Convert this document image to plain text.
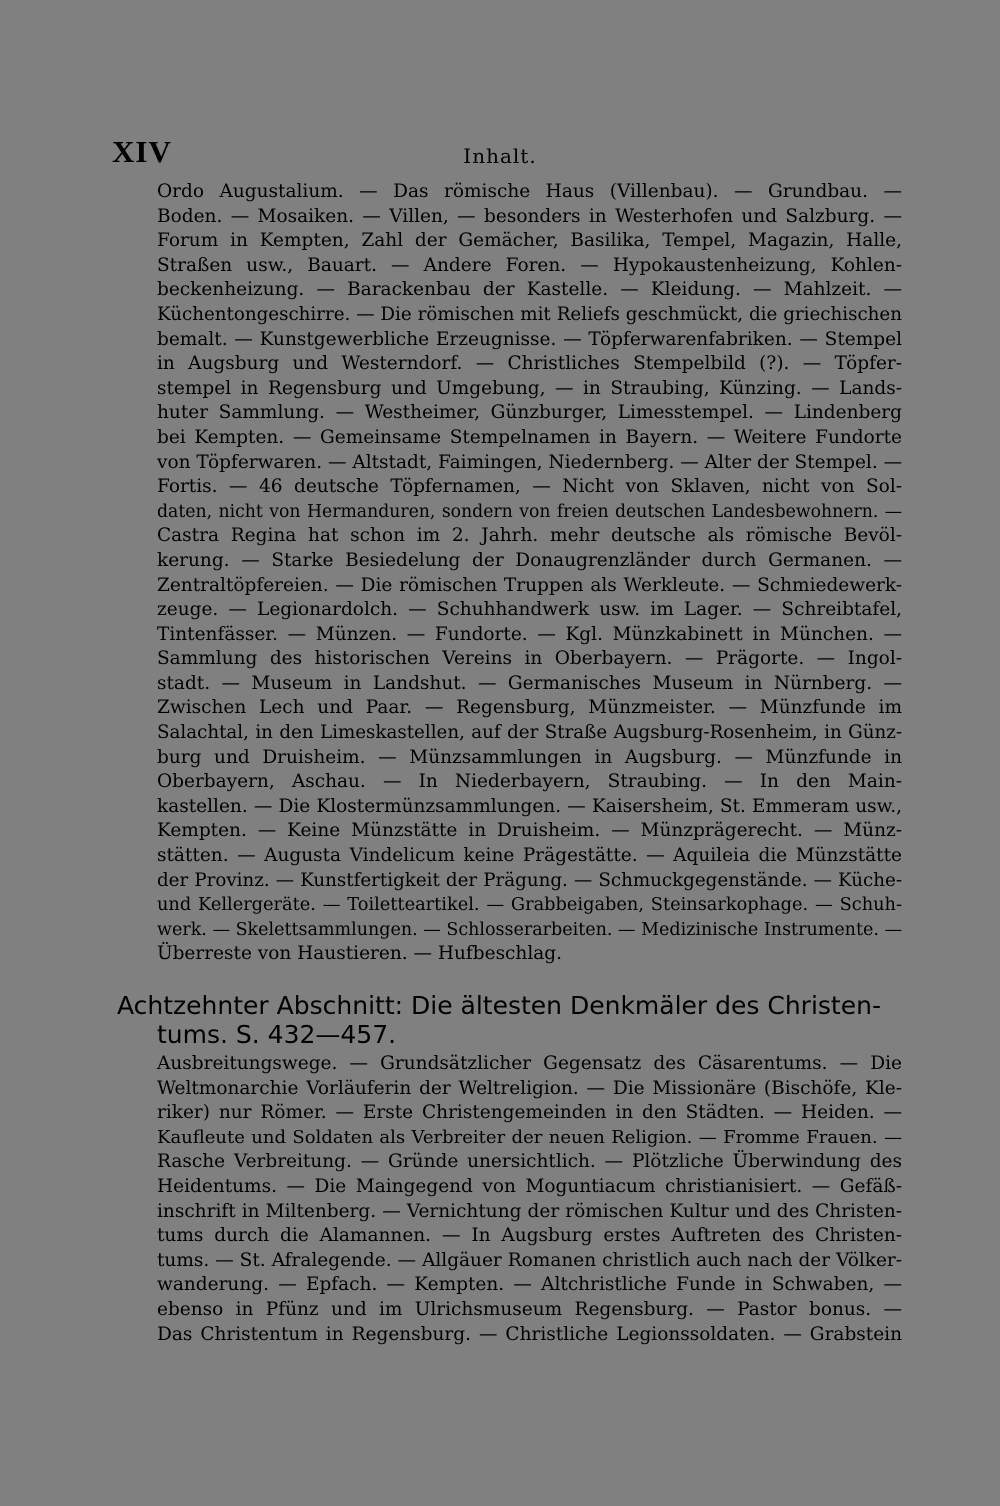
XIV	Inhalt.
Ordo Augustalium. — Das römische Haus (Villenbau). — Grundbau. —
Boden. — Mosaiken. — Villen, — besonders in Westerhofen und Salzburg. —
Forum in Kempten, Zahl der Gemächer, Basilika, Tempel, Magazin, Halle,
Straßen usw., Bauart. — Andere Foren. — Hypokaustenheizung, Kohlen-
beckenheizung. — Barackenbau der Kastelle. — Kleidung. — Mahlzeit. —
Küchentongeschirre. — Die römischen mit Reliefs geschmückt, die griechischen
bemalt. — Kunstgewerbliche Erzeugnisse. — Töpferwarenfabriken. — Stempel
in Augsburg und Westerndorf. — Christliches Stempelbild (?). — Töpfer-
stempel in Regensburg und Umgebung, — in Straubing, Künzing. — Lands-
huter Sammlung. — Westheimer, Günzburger, Limesstempel. — Lindenberg
bei Kempten. — Gemeinsame Stempelnamen in Bayern. — Weitere Fundorte
von Töpferwaren. — Altstadt, Faimingen, Niedernberg. — Alter der Stempel. —
Fortis. — 46 deutsche Töpfernamen, — Nicht von Sklaven, nicht von Sol-
daten, nicht von Hermanduren, sondern von freien deutschen Landesbewohnern. —
Castra Regina hat schon im 2. Jahrh. mehr deutsche als römische Bevöl-
kerung. — Starke Besiedelung der Donaugrenzländer durch Germanen. —
Zentraltöpfereien. — Die römischen Truppen als Werkleute. — Schmiedewerk-
zeuge. — Legionardolch. — Schuhhandwerk usw. im Lager. — Schreibtafel,
Tintenfässer. — Münzen. — Fundorte. — Kgl. Münzkabinett in München. —
Sammlung des historischen Vereins in Oberbayern. — Prägorte. — Ingol-
stadt. — Museum in Landshut. — Germanisches Museum in Nürnberg. —
Zwischen Lech und Paar. — Regensburg, Münzmeister. — Münzfunde im
Salachtal, in den Limeskastellen, auf der Straße Augsburg-Rosenheim, in Günz-
burg und Druisheim. — Münzsammlungen in Augsburg. — Münzfunde in
Oberbayern, Aschau. — In Niederbayern, Straubing. — In den Main-
kastellen. — Die Klostermünzsammlungen. — Kaisersheim, St. Emmeram usw.,
Kempten. — Keine Münzstätte in Druisheim. — Münzprägerecht. — Münz-
stätten. — Augusta Vindelicum keine Prägestätte. — Aquileia die Münzstätte
der Provinz. — Kunstfertigkeit der Prägung. — Schmuckgegenstände. — Küche-
und Kellergeräte. — Toiletteartikel. — Grabbeigaben, Steinsarkophage. — Schuh-
werk. — Skelettsammlungen. — Schlosserarbeiten. — Medizinische Instrumente. —
Überreste von Haustieren. — Hufbeschlag.
Achtzehnter Abschnitt: Die ältesten Denkmäler des Christen-
tums. S. 432—457.
Ausbreitungswege. — Grundsätzlicher Gegensatz des Cäsarentums. — Die
Weltmonarchie Vorläuferin der Weltreligion. — Die Missionäre (Bischöfe, Kle-
riker) nur Römer. — Erste Christengemeinden in den Städten. — Heiden. —
Kaufleute und Soldaten als Verbreiter der neuen Religion. — Fromme Frauen. —
Rasche Verbreitung. — Gründe unersichtlich. — Plötzliche Überwindung des
Heidentums. — Die Maingegend von Moguntiacum christianisiert. — Gefäß-
inschrift in Miltenberg. — Vernichtung der römischen Kultur und des Christen-
tums durch die Alamannen. — In Augsburg erstes Auftreten des Christen-
tums. — St. Afralegende. — Allgäuer Romanen christlich auch nach der Völker-
wanderung. — Epfach. — Kempten. — Altchristliche Funde in Schwaben, —
ebenso in Pfünz und im Ulrichsmuseum Regensburg. — Pastor bonus. —
Das Christentum in Regensburg. — Christliche Legionssoldaten. — Grabstein
